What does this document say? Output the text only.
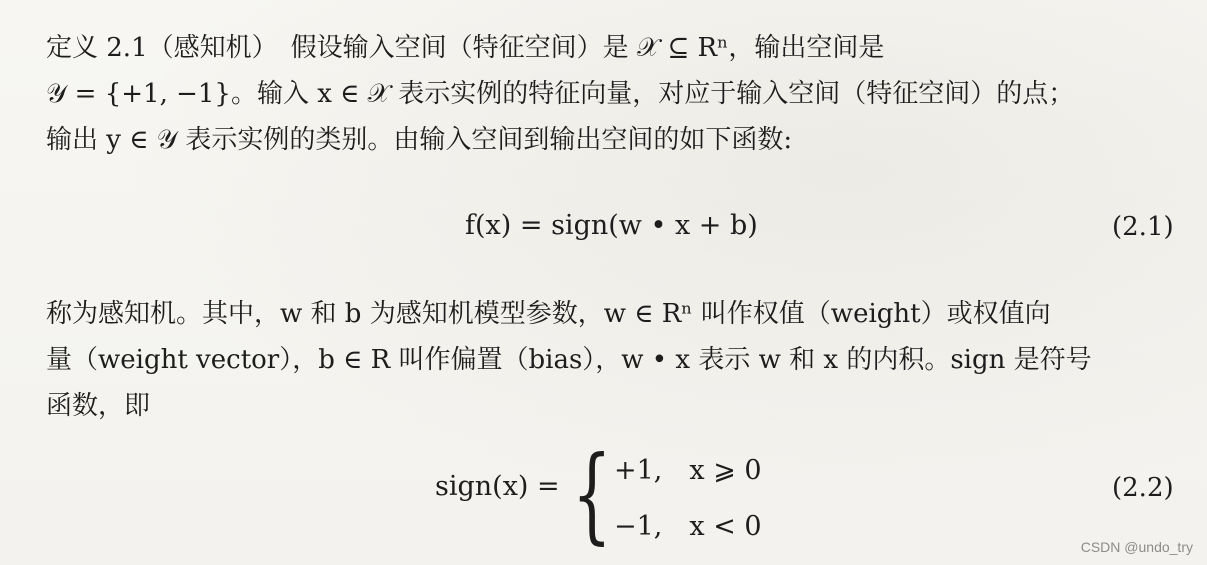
定义 2.1（感知机）　假设输入空间（特征空间）是 𝒳 ⊆ Rⁿ，输出空间是
𝒴 = {+1, −1}。输入 x ∈ 𝒳 表示实例的特征向量，对应于输入空间（特征空间）的点；
输出 y ∈ 𝒴 表示实例的类别。由输入空间到输出空间的如下函数:
f(x) = sign(w • x + b)	(2.1)
称为感知机。其中，w 和 b 为感知机模型参数，w ∈ Rⁿ 叫作权值（weight）或权值向
量（weight vector），b ∈ R 叫作偏置（bias），w • x 表示 w 和 x 的内积。sign 是符号
函数，即
sign(x) = { +1,　x ⩾ 0
−1,　x < 0
(2.2)
CSDN @undo_try
